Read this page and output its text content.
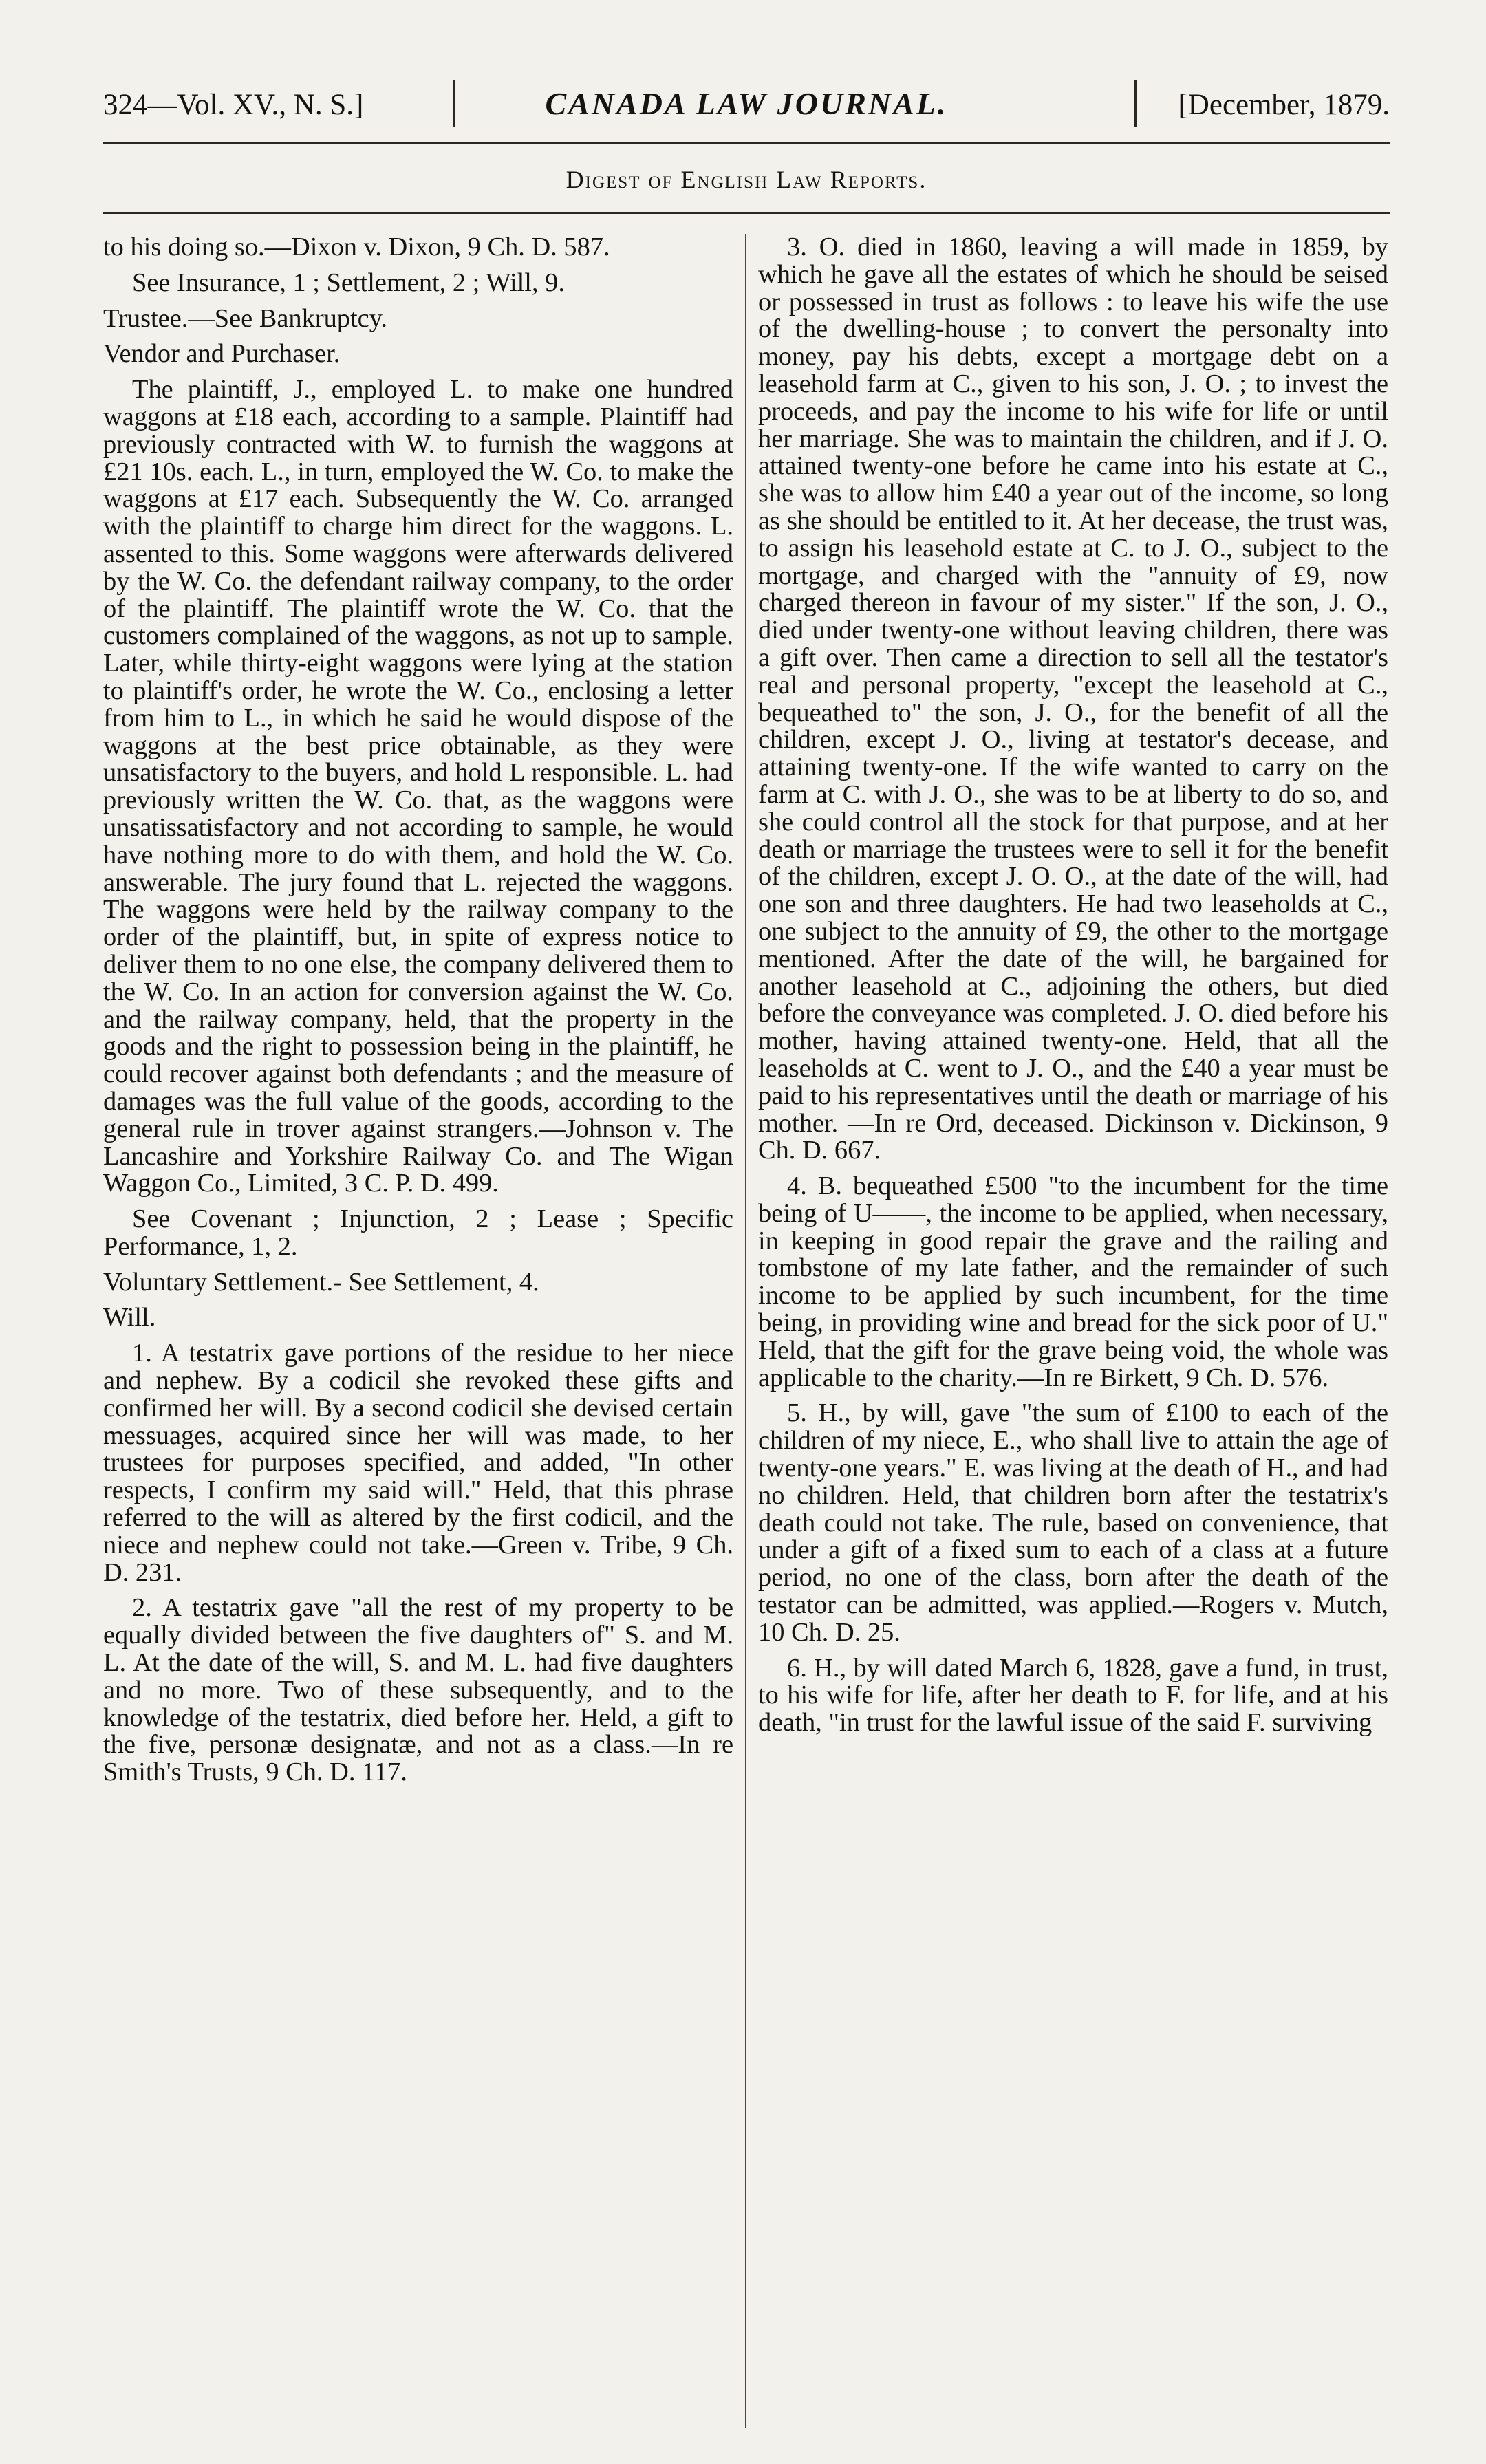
324—Vol. XV., N. S.]	CANADA LAW JOURNAL.	[December, 1879.
Digest of English Law Reports.

to his doing so.—Dixon v. Dixon, 9 Ch. D. 587.

See Insurance, 1 ; Settlement, 2 ; Will, 9.

Trustee.—See Bankruptcy.

Vendor and Purchaser.

The plaintiff, J., employed L. to make one hundred waggons at £18 each, according to a sample. Plaintiff had previously contracted with W. to furnish the waggons at £21 10s. each. L., in turn, employed the W. Co. to make the waggons at £17 each. Subsequently the W. Co. arranged with the plaintiff to charge him direct for the waggons. L. assented to this. Some waggons were afterwards delivered by the W. Co. the defendant railway company, to the order of the plaintiff. The plaintiff wrote the W. Co. that the customers complained of the waggons, as not up to sample. Later, while thirty-eight waggons were lying at the station to plaintiff's order, he wrote the W. Co., enclosing a letter from him to L., in which he said he would dispose of the waggons at the best price obtainable, as they were unsatisfactory to the buyers, and hold L responsible. L. had previously written the W. Co. that, as the waggons were unsatissatisfactory and not according to sample, he would have nothing more to do with them, and hold the W. Co. answerable. The jury found that L. rejected the waggons. The waggons were held by the railway company to the order of the plaintiff, but, in spite of express notice to deliver them to no one else, the company delivered them to the W. Co. In an action for conversion against the W. Co. and the railway company, held, that the property in the goods and the right to possession being in the plaintiff, he could recover against both defendants ; and the measure of damages was the full value of the goods, according to the general rule in trover against strangers.—Johnson v. The Lancashire and Yorkshire Railway Co. and The Wigan Waggon Co., Limited, 3 C. P. D. 499.

See Covenant ; Injunction, 2 ; Lease ; Specific Performance, 1, 2.

Voluntary Settlement.- See Settlement, 4.

Will.

1. A testatrix gave portions of the residue to her niece and nephew. By a codicil she revoked these gifts and confirmed her will. By a second codicil she devised certain messuages, acquired since her will was made, to her trustees for purposes specified, and added, "In other respects, I confirm my said will." Held, that this phrase referred to the will as altered by the first codicil, and the niece and nephew could not take.—Green v. Tribe, 9 Ch. D. 231.

2. A testatrix gave "all the rest of my property to be equally divided between the five daughters of" S. and M. L. At the date of the will, S. and M. L. had five daughters and no more. Two of these subsequently, and to the knowledge of the testatrix, died before her. Held, a gift to the five, personæ designatæ, and not as a class.—In re Smith's Trusts, 9 Ch. D. 117.

3. O. died in 1860, leaving a will made in 1859, by which he gave all the estates of which he should be seised or possessed in trust as follows : to leave his wife the use of the dwelling-house ; to convert the personalty into money, pay his debts, except a mortgage debt on a leasehold farm at C., given to his son, J. O. ; to invest the proceeds, and pay the income to his wife for life or until her marriage. She was to maintain the children, and if J. O. attained twenty-one before he came into his estate at C., she was to allow him £40 a year out of the income, so long as she should be entitled to it. At her decease, the trust was, to assign his leasehold estate at C. to J. O., subject to the mortgage, and charged with the "annuity of £9, now charged thereon in favour of my sister." If the son, J. O., died under twenty-one without leaving children, there was a gift over. Then came a direction to sell all the testator's real and personal property, "except the leasehold at C., bequeathed to" the son, J. O., for the benefit of all the children, except J. O., living at testator's decease, and attaining twenty-one. If the wife wanted to carry on the farm at C. with J. O., she was to be at liberty to do so, and she could control all the stock for that purpose, and at her death or marriage the trustees were to sell it for the benefit of the children, except J. O. O., at the date of the will, had one son and three daughters. He had two leaseholds at C., one subject to the annuity of £9, the other to the mortgage mentioned. After the date of the will, he bargained for another leasehold at C., adjoining the others, but died before the conveyance was completed. J. O. died before his mother, having attained twenty-one. Held, that all the leaseholds at C. went to J. O., and the £40 a year must be paid to his representatives until the death or marriage of his mother. —In re Ord, deceased. Dickinson v. Dickinson, 9 Ch. D. 667.

4. B. bequeathed £500 "to the incumbent for the time being of U——, the income to be applied, when necessary, in keeping in good repair the grave and the railing and tombstone of my late father, and the remainder of such income to be applied by such incumbent, for the time being, in providing wine and bread for the sick poor of U." Held, that the gift for the grave being void, the whole was applicable to the charity.—In re Birkett, 9 Ch. D. 576.

5. H., by will, gave "the sum of £100 to each of the children of my niece, E., who shall live to attain the age of twenty-one years." E. was living at the death of H., and had no children. Held, that children born after the testatrix's death could not take. The rule, based on convenience, that under a gift of a fixed sum to each of a class at a future period, no one of the class, born after the death of the testator can be admitted, was applied.—Rogers v. Mutch, 10 Ch. D. 25.

6. H., by will dated March 6, 1828, gave a fund, in trust, to his wife for life, after her death to F. for life, and at his death, "in trust for the lawful issue of the said F. surviving
